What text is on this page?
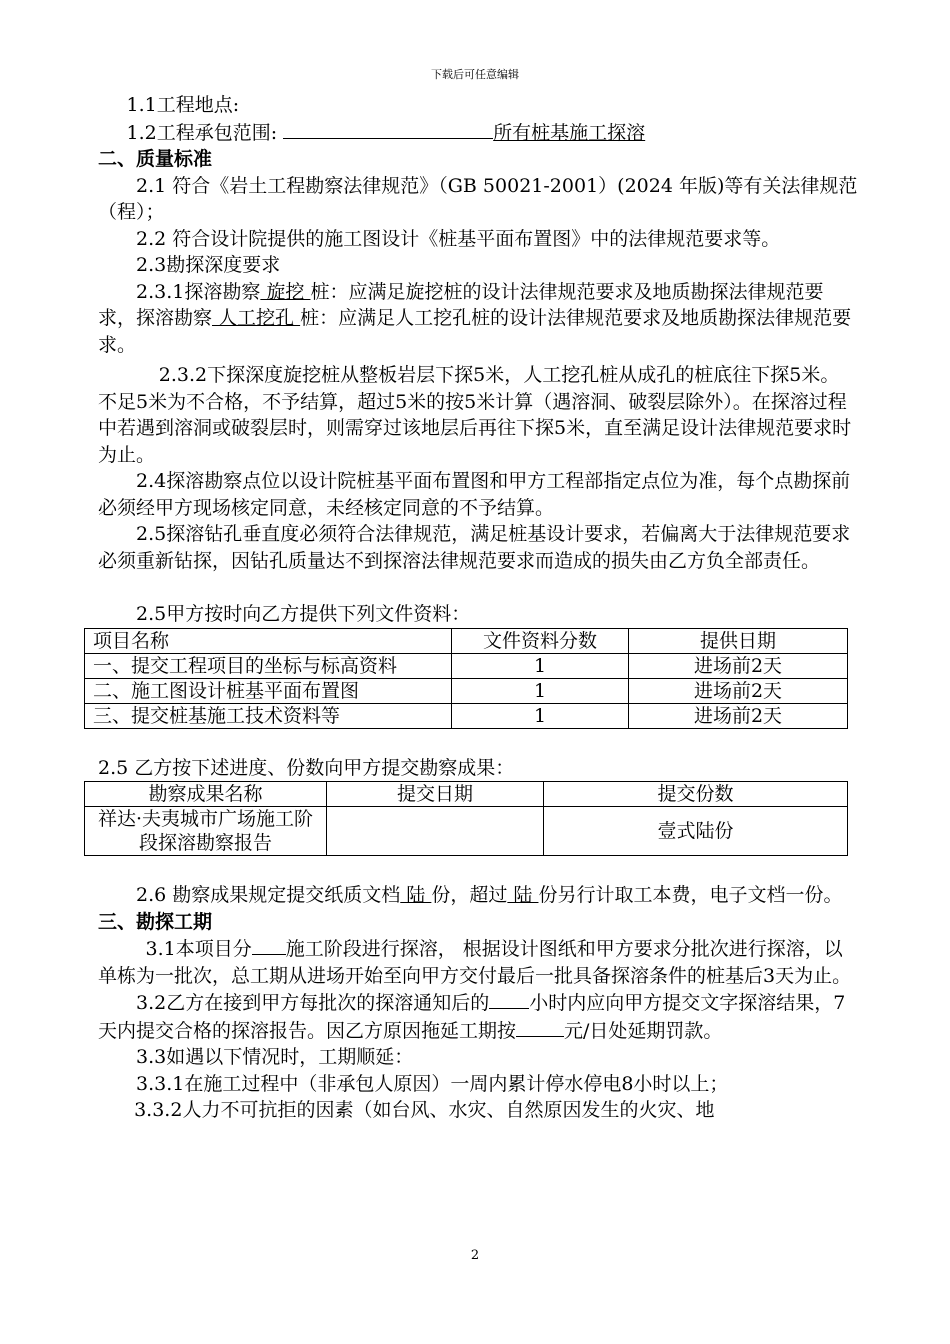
下载后可任意编辑

1.1工程地点:

1.2工程承包范围:	所有桩基施工探溶

二、质量标准

2.1 符合《岩土工程勘察法律规范》（GB 50021-2001）(2024 年版)等有关法律规范（程）；

2.2 符合设计院提供的施工图设计《桩基平面布置图》中的法律规范要求等。

2.3勘探深度要求

2.3.1探溶勘察 旋挖 桩：应满足旋挖桩的设计法律规范要求及地质勘探法律规范要求，探溶勘察 人工挖孔 桩：应满足人工挖孔桩的设计法律规范要求及地质勘探法律规范要求。

2.3.2下探深度旋挖桩从整板岩层下探5米，人工挖孔桩从成孔的桩底往下探5米。不足5米为不合格，不予结算，超过5米的按5米计算（遇溶洞、破裂层除外）。在探溶过程中若遇到溶洞或破裂层时，则需穿过该地层后再往下探5米，直至满足设计法律规范要求时为止。

2.4探溶勘察点位以设计院桩基平面布置图和甲方工程部指定点位为准，每个点勘探前必须经甲方现场核定同意，未经核定同意的不予结算。

2.5探溶钻孔垂直度必须符合法律规范，满足桩基设计要求，若偏离大于法律规范要求必须重新钻探，因钻孔质量达不到探溶法律规范要求而造成的损失由乙方负全部责任。

2.5甲方按时向乙方提供下列文件资料：

项目名称	文件资料分数	提供日期
一、提交工程项目的坐标与标高资料	1	进场前2天
二、施工图设计桩基平面布置图	1	进场前2天
三、提交桩基施工技术资料等	1	进场前2天

2.5 乙方按下述进度、份数向甲方提交勘察成果：

勘察成果名称	提交日期	提交份数
祥达·夫夷城市广场施工阶段探溶勘察报告		壹式陆份

2.6 勘察成果规定提交纸质文档 陆 份，超过 陆 份另行计取工本费，电子文档一份。

三、勘探工期

3.1本项目分 施工阶段进行探溶， 根据设计图纸和甲方要求分批次进行探溶，以单栋为一批次，总工期从进场开始至向甲方交付最后一批具备探溶条件的桩基后3天为止。

3.2乙方在接到甲方每批次的探溶通知后的 小时内应向甲方提交文字探溶结果，7天内提交合格的探溶报告。因乙方原因拖延工期按	元/日处延期罚款。

3.3如遇以下情况时，工期顺延：

3.3.1在施工过程中（非承包人原因）一周内累计停水停电8小时以上；

3.3.2人力不可抗拒的因素（如台风、水灾、自然原因发生的火灾、地

2
